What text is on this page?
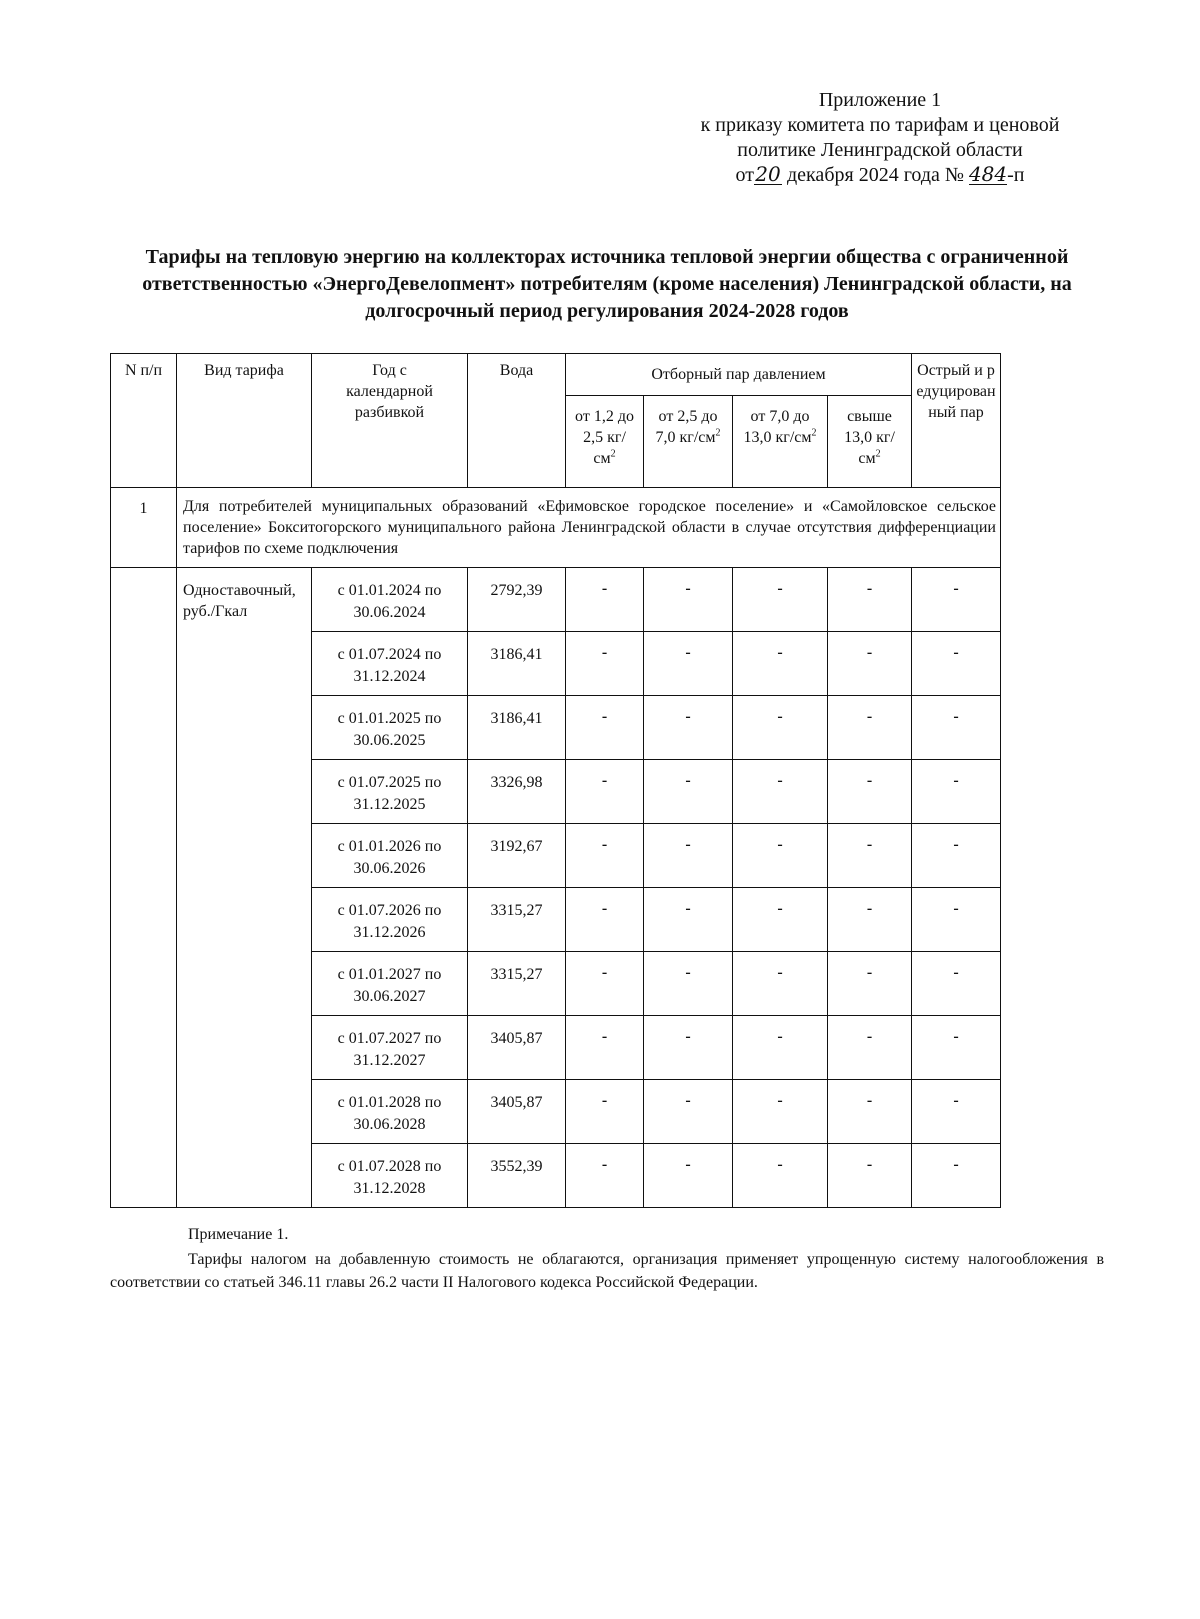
Приложение 1
к приказу комитета по тарифам и ценовой
политике Ленинградской области
от20 декабря 2024 года № 484-п
Тарифы на тепловую энергию на коллекторах источника тепловой энергии общества с ограниченной ответственностью «ЭнергоДевелопмент» потребителям (кроме населения) Ленинградской области, на долгосрочный период регулирования 2024-2028 годов
N п/п	Вид тарифа	Год с календарной разбивкой	Вода	Отборный пар давлением				Острый и редуцированный пар

				от 1,2 до 2,5 $кг/см^2$	от 2,5 до 7,0 $кг/см^2$	от 7,0 до 13,0 $кг/см^2$	свыше 13,0 $кг/см^2$

1	Для потребителей муниципальных образований «Ефимовское городское поселение» и «Самойловское сельское поселение» Бокситогорского муниципального района Ленинградской области в случае отсутствия дифференциации тарифов по схеме подключения							

	Одноставочный, руб./Гкал	с 01.01.2024 по 30.06.2024	2792,39	-	-	-	-	-

		с 01.07.2024 по 31.12.2024	3186,41	-	-	-	-	-

		с 01.01.2025 по 30.06.2025	3186,41	-	-	-	-	-

		с 01.07.2025 по 31.12.2025	3326,98	-	-	-	-	-

		с 01.01.2026 по 30.06.2026	3192,67	-	-	-	-	-

		с 01.07.2026 по 31.12.2026	3315,27	-	-	-	-	-

		с 01.01.2027 по 30.06.2027	3315,27	-	-	-	-	-

		с 01.07.2027 по 31.12.2027	3405,87	-	-	-	-	-

		с 01.01.2028 по 30.06.2028	3405,87	-	-	-	-	-

		с 01.07.2028 по 31.12.2028	3552,39	-	-	-	-	-
Примечание 1.
Тарифы налогом на добавленную стоимость не облагаются, организация применяет упрощенную систему налогообложения в соответствии со статьей 346.11 главы 26.2 части II Налогового кодекса Российской Федерации.
